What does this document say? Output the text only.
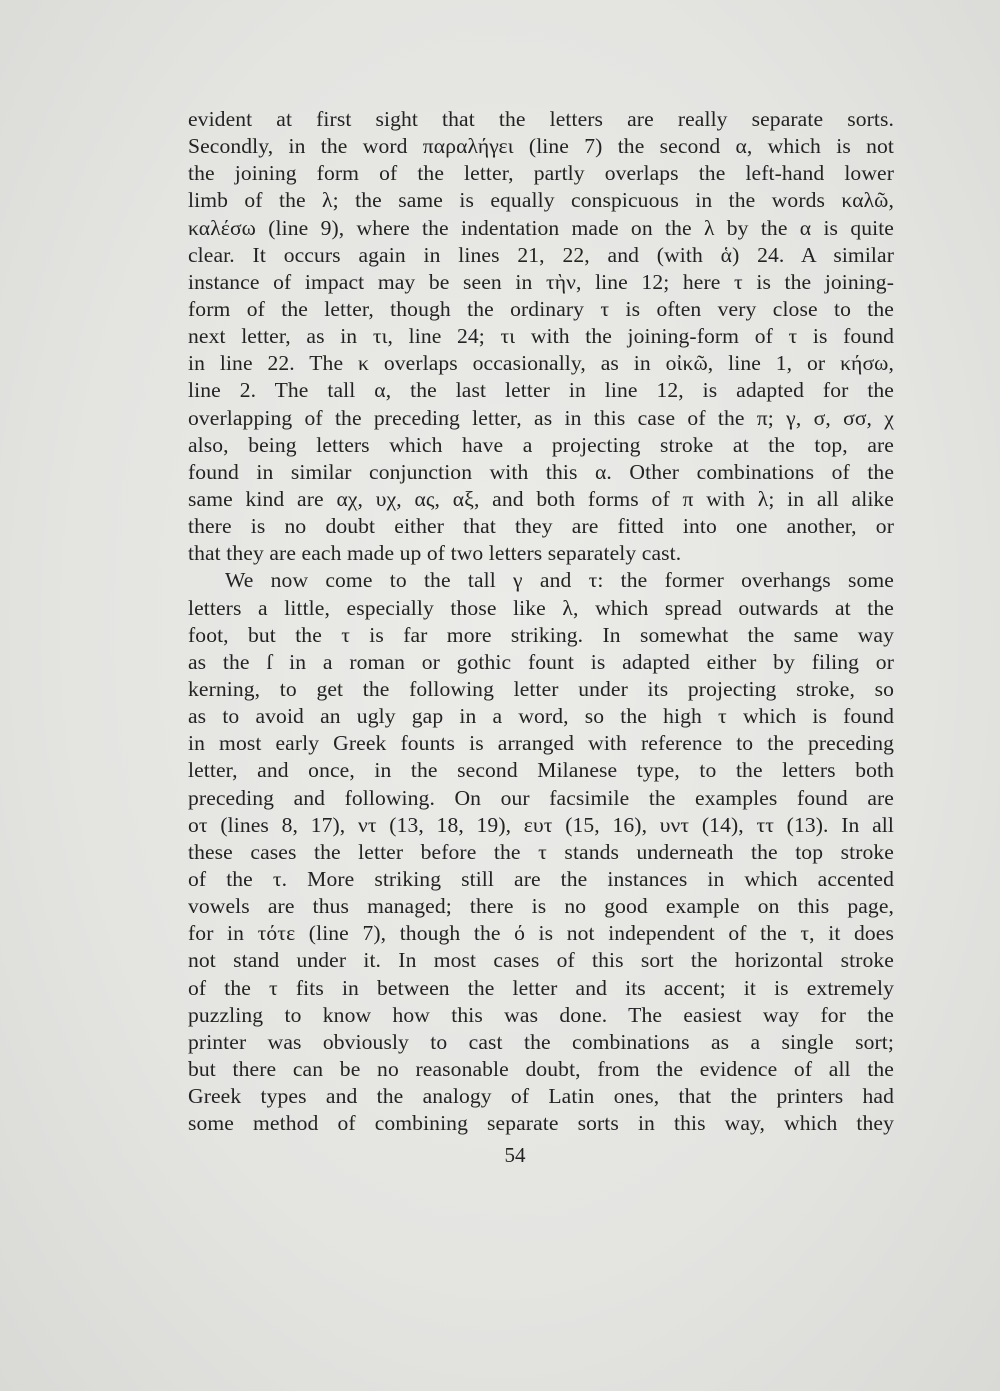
evident at first sight that the letters are really separate sorts.
Secondly, in the word παραλήγει (line 7) the second α, which is not
the joining form of the letter, partly overlaps the left-hand lower
limb of the λ; the same is equally conspicuous in the words καλῶ,
καλέσω (line 9), where the indentation made on the λ by the α is quite
clear. It occurs again in lines 21, 22, and (with ἁ) 24. A similar
instance of impact may be seen in τὴν, line 12; here τ is the joining-
form of the letter, though the ordinary τ is often very close to the
next letter, as in τι, line 24; τι with the joining-form of τ is found
in line 22. The κ overlaps occasionally, as in οἰκῶ, line 1, or κήσω,
line 2. The tall α, the last letter in line 12, is adapted for the
overlapping of the preceding letter, as in this case of the π; γ, σ, σσ, χ
also, being letters which have a projecting stroke at the top, are
found in similar conjunction with this α. Other combinations of the
same kind are αχ, υχ, ας, αξ, and both forms of π with λ; in all alike
there is no doubt either that they are fitted into one another, or
that they are each made up of two letters separately cast.
We now come to the tall γ and τ: the former overhangs some
letters a little, especially those like λ, which spread outwards at the
foot, but the τ is far more striking. In somewhat the same way
as the ſ in a roman or gothic fount is adapted either by filing or
kerning, to get the following letter under its projecting stroke, so
as to avoid an ugly gap in a word, so the high τ which is found
in most early Greek founts is arranged with reference to the preceding
letter, and once, in the second Milanese type, to the letters both
preceding and following. On our facsimile the examples found are
οτ (lines 8, 17), ντ (13, 18, 19), ευτ (15, 16), υντ (14), ττ (13). In all
these cases the letter before the τ stands underneath the top stroke
of the τ. More striking still are the instances in which accented
vowels are thus managed; there is no good example on this page,
for in τότε (line 7), though the ό is not independent of the τ, it does
not stand under it. In most cases of this sort the horizontal stroke
of the τ fits in between the letter and its accent; it is extremely
puzzling to know how this was done. The easiest way for the
printer was obviously to cast the combinations as a single sort;
but there can be no reasonable doubt, from the evidence of all the
Greek types and the analogy of Latin ones, that the printers had
some method of combining separate sorts in this way, which they
54
